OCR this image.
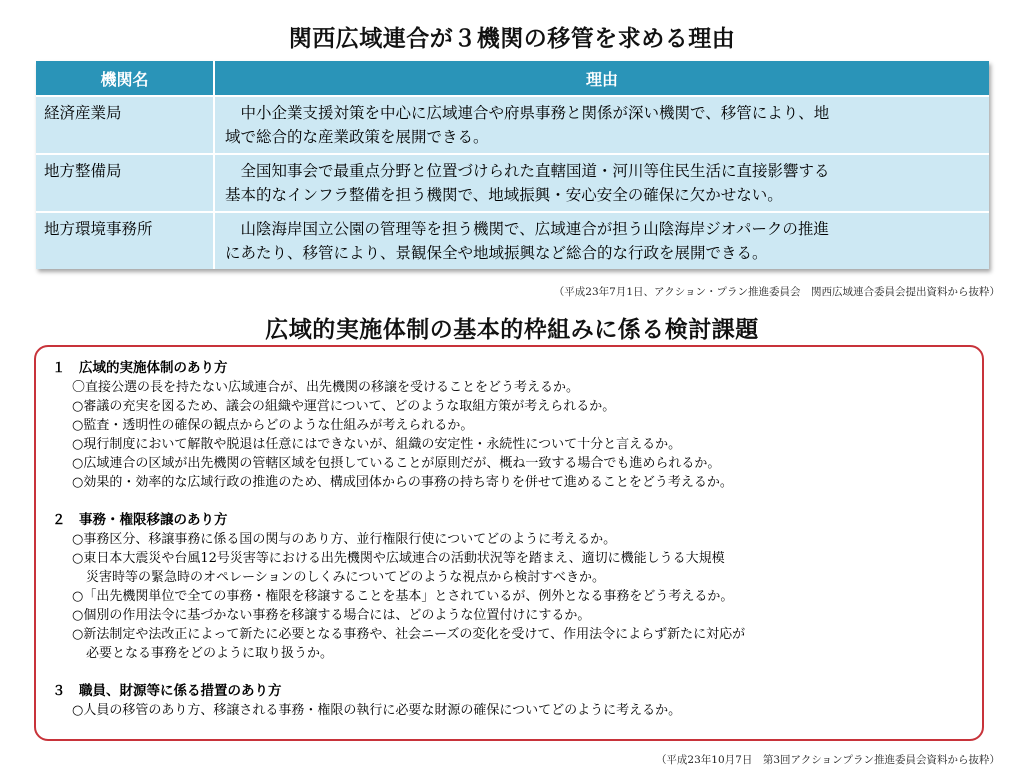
関西広域連合が３機関の移管を求める理由
機関名	理由
経済産業局	中小企業支援対策を中心に広域連合や府県事務と関係が深い機関で、移管により、地
域で総合的な産業政策を展開できる。

地方整備局	全国知事会で最重点分野と位置づけられた直轄国道・河川等住民生活に直接影響する
基本的なインフラ整備を担う機関で、地域振興・安心安全の確保に欠かせない。

地方環境事務所	山陰海岸国立公園の管理等を担う機関で、広域連合が担う山陰海岸ジオパークの推進
にあたり、移管により、景観保全や地域振興など総合的な行政を展開できる。
（平成23年7月1日、アクション・プラン推進委員会　関西広域連合委員会提出資料から抜粋）
広域的実施体制の基本的枠組みに係る検討課題
１　広域的実施体制のあり方
〇直接公選の長を持たない広域連合が、出先機関の移譲を受けることをどう考えるか。
○審議の充実を図るため、議会の組織や運営について、どのような取組方策が考えられるか。
○監査・透明性の確保の観点からどのような仕組みが考えられるか。
○現行制度において解散や脱退は任意にはできないが、組織の安定性・永続性について十分と言えるか。
○広域連合の区域が出先機関の管轄区域を包摂していることが原則だが、概ね一致する場合でも進められるか。
○効果的・効率的な広域行政の推進のため、構成団体からの事務の持ち寄りを併せて進めることをどう考えるか。
２　事務・権限移譲のあり方
○事務区分、移譲事務に係る国の関与のあり方、並行権限行使についてどのように考えるか。
○東日本大震災や台風12号災害等における出先機関や広域連合の活動状況等を踏まえ、適切に機能しうる大規模
災害時等の緊急時のオペレーションのしくみについてどのような視点から検討すべきか。
○「出先機関単位で全ての事務・権限を移譲することを基本」とされているが、例外となる事務をどう考えるか。
○個別の作用法令に基づかない事務を移譲する場合には、どのような位置付けにするか。
○新法制定や法改正によって新たに必要となる事務や、社会ニーズの変化を受けて、作用法令によらず新たに対応が
必要となる事務をどのように取り扱うか。
３　職員、財源等に係る措置のあり方
○人員の移管のあり方、移譲される事務・権限の執行に必要な財源の確保についてどのように考えるか。
（平成23年10月7日　第3回アクションプラン推進委員会資料から抜粋）
